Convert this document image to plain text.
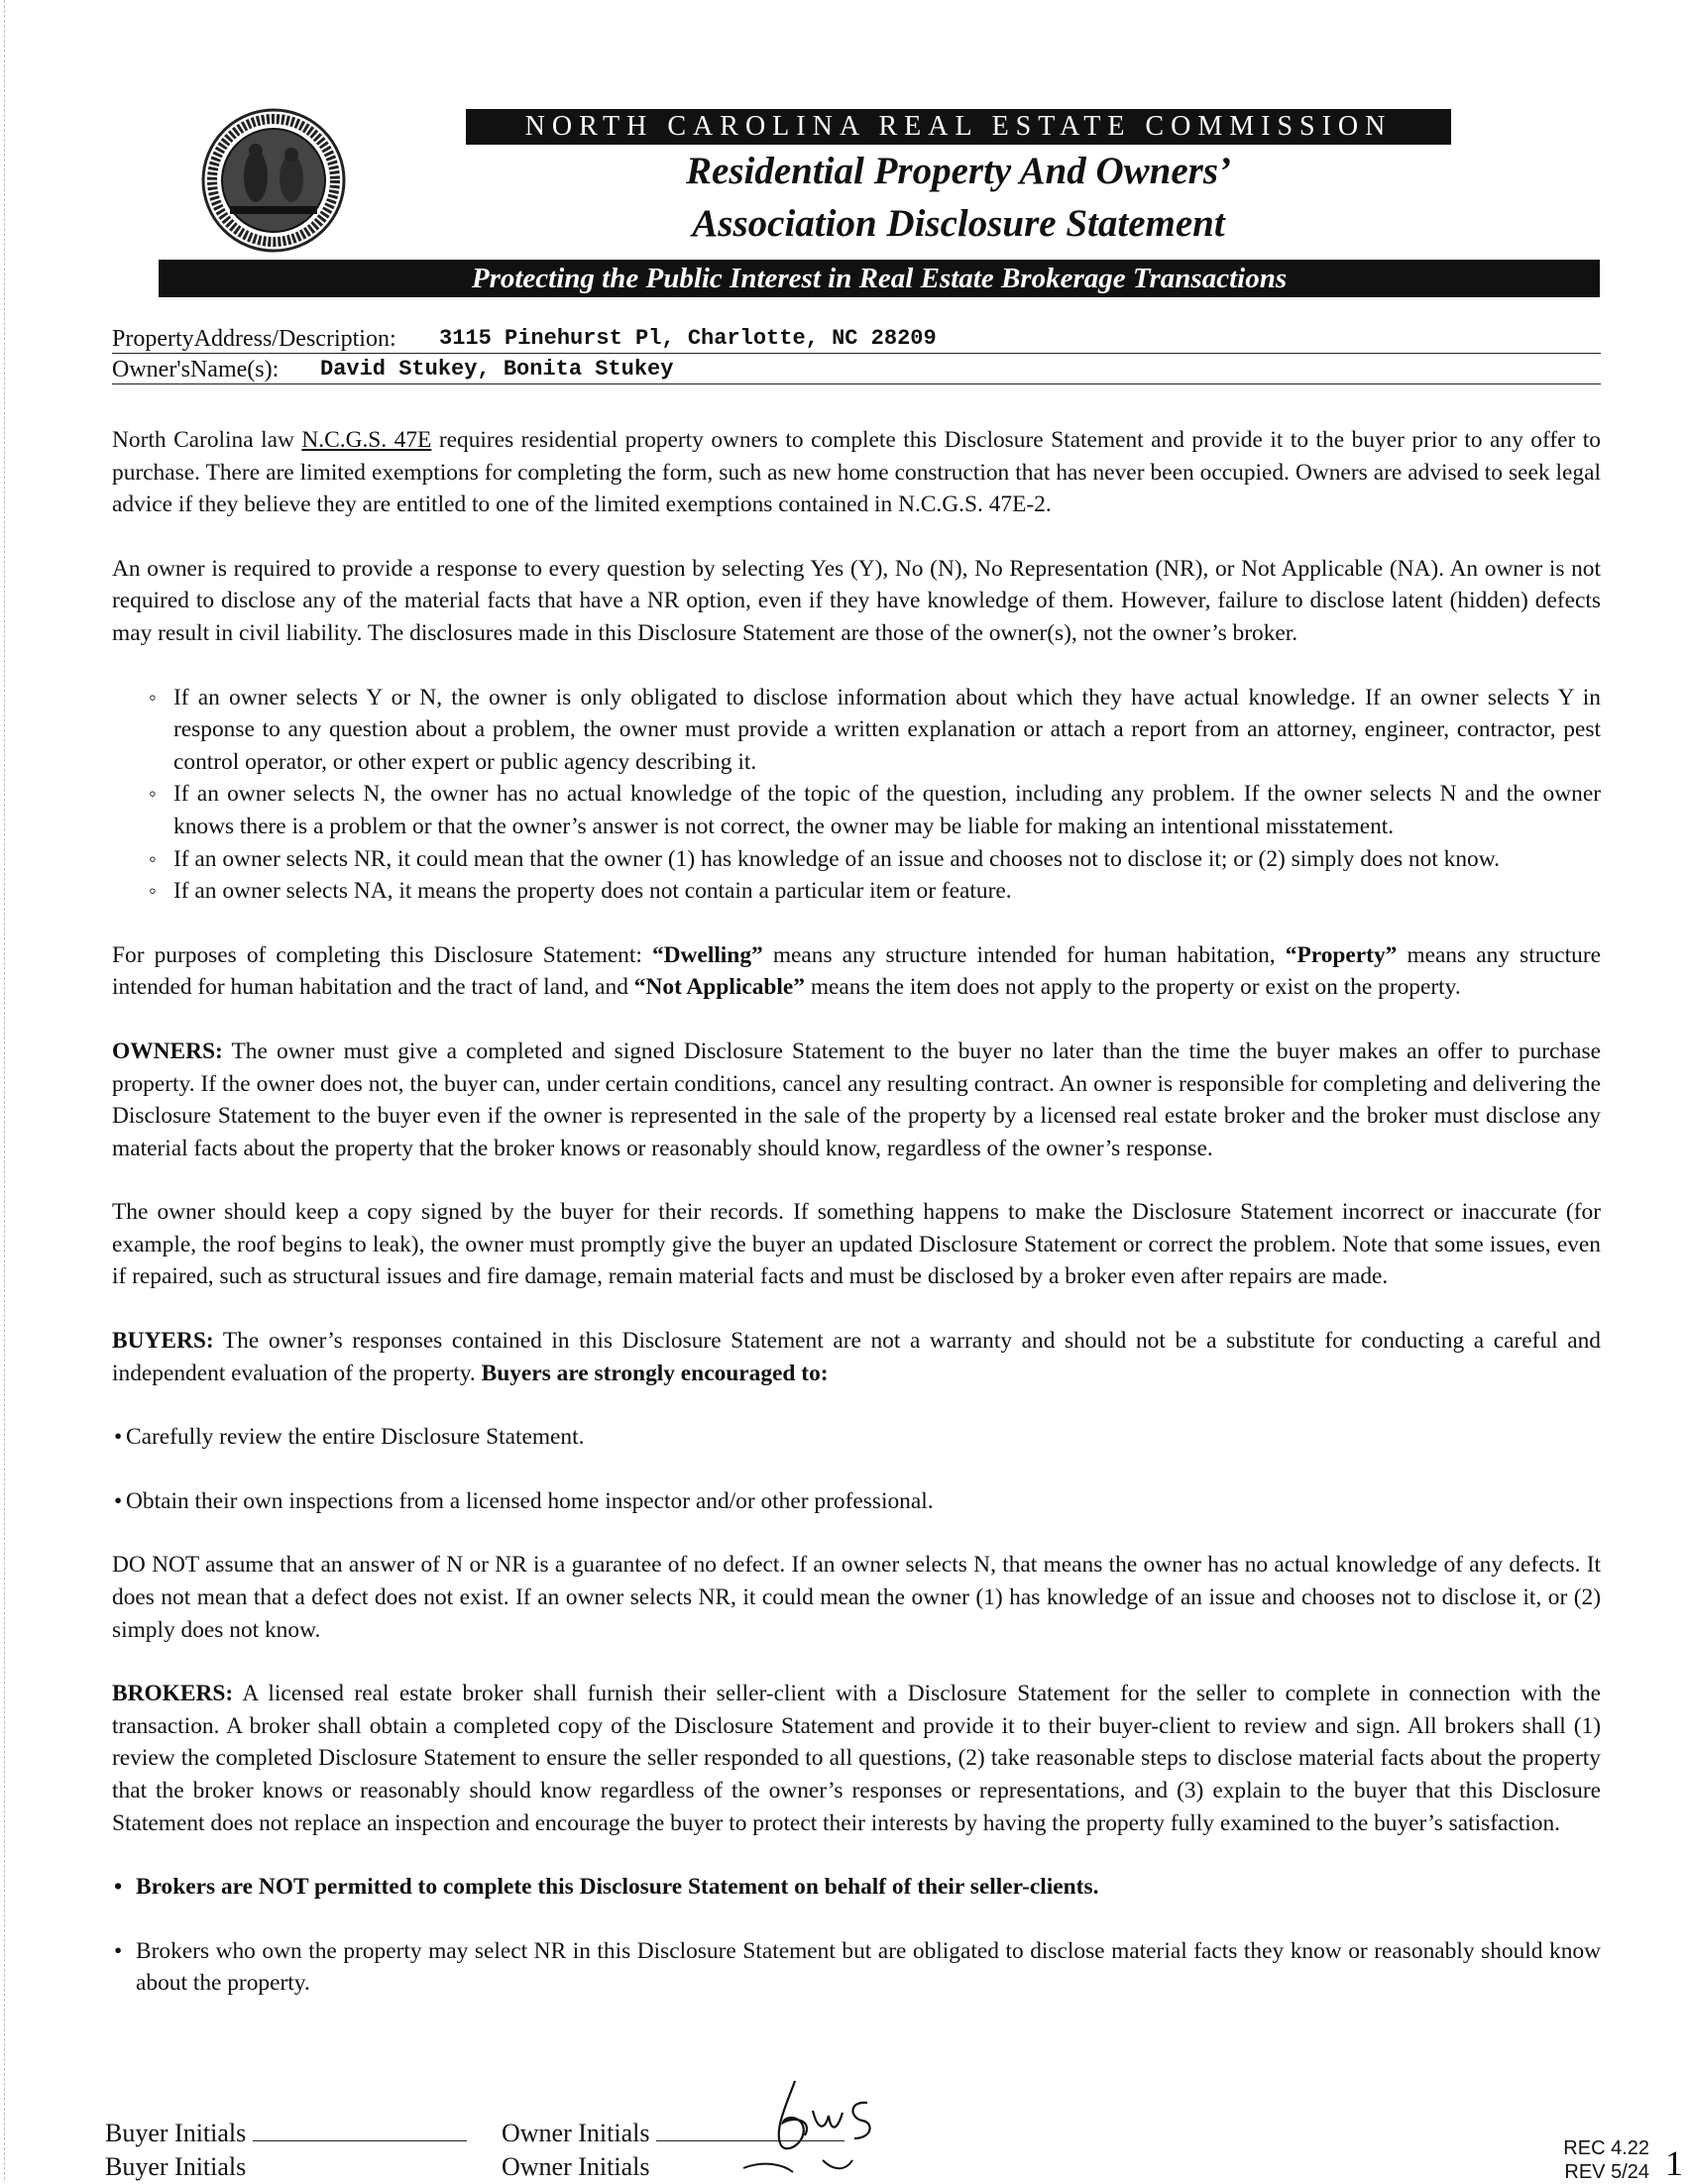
NORTH CAROLINA REAL ESTATE COMMISSION
Residential Property And Owners’
Association Disclosure Statement
Protecting the Public Interest in Real Estate Brokerage Transactions
PropertyAddress/Description: 3115 Pinehurst Pl, Charlotte, NC 28209
Owner'sName(s): David Stukey, Bonita Stukey

North Carolina law N.C.G.S. 47E requires residential property owners to complete this Disclosure Statement and provide it to the buyer prior to any offer to purchase. There are limited exemptions for completing the form, such as new home construction that has never been occupied. Owners are advised to seek legal advice if they believe they are entitled to one of the limited exemptions contained in N.C.G.S. 47E-2.

An owner is required to provide a response to every question by selecting Yes (Y), No (N), No Representation (NR), or Not Applicable (NA). An owner is not required to disclose any of the material facts that have a NR option, even if they have knowledge of them. However, failure to disclose latent (hidden) defects may result in civil liability. The disclosures made in this Disclosure Statement are those of the owner(s), not the owner’s broker.

◦ If an owner selects Y or N, the owner is only obligated to disclose information about which they have actual knowledge. If an owner selects Y in response to any question about a problem, the owner must provide a written explanation or attach a report from an attorney, engineer, contractor, pest control operator, or other expert or public agency describing it.
◦ If an owner selects N, the owner has no actual knowledge of the topic of the question, including any problem. If the owner selects N and the owner knows there is a problem or that the owner’s answer is not correct, the owner may be liable for making an intentional misstatement.
◦ If an owner selects NR, it could mean that the owner (1) has knowledge of an issue and chooses not to disclose it; or (2) simply does not know.
◦ If an owner selects NA, it means the property does not contain a particular item or feature.

For purposes of completing this Disclosure Statement: “Dwelling” means any structure intended for human habitation, “Property” means any structure intended for human habitation and the tract of land, and “Not Applicable” means the item does not apply to the property or exist on the property.

OWNERS: The owner must give a completed and signed Disclosure Statement to the buyer no later than the time the buyer makes an offer to purchase property. If the owner does not, the buyer can, under certain conditions, cancel any resulting contract. An owner is responsible for completing and delivering the Disclosure Statement to the buyer even if the owner is represented in the sale of the property by a licensed real estate broker and the broker must disclose any material facts about the property that the broker knows or reasonably should know, regardless of the owner’s response.

The owner should keep a copy signed by the buyer for their records. If something happens to make the Disclosure Statement incorrect or inaccurate (for example, the roof begins to leak), the owner must promptly give the buyer an updated Disclosure Statement or correct the problem. Note that some issues, even if repaired, such as structural issues and fire damage, remain material facts and must be disclosed by a broker even after repairs are made.

BUYERS: The owner’s responses contained in this Disclosure Statement are not a warranty and should not be a substitute for conducting a careful and independent evaluation of the property. Buyers are strongly encouraged to:

• Carefully review the entire Disclosure Statement.

• Obtain their own inspections from a licensed home inspector and/or other professional.

DO NOT assume that an answer of N or NR is a guarantee of no defect. If an owner selects N, that means the owner has no actual knowledge of any defects. It does not mean that a defect does not exist. If an owner selects NR, it could mean the owner (1) has knowledge of an issue and chooses not to disclose it, or (2) simply does not know.

BROKERS: A licensed real estate broker shall furnish their seller-client with a Disclosure Statement for the seller to complete in connection with the transaction. A broker shall obtain a completed copy of the Disclosure Statement and provide it to their buyer-client to review and sign. All brokers shall (1) review the completed Disclosure Statement to ensure the seller responded to all questions, (2) take reasonable steps to disclose material facts about the property that the broker knows or reasonably should know regardless of the owner’s responses or representations, and (3) explain to the buyer that this Disclosure Statement does not replace an inspection and encourage the buyer to protect their interests by having the property fully examined to the buyer’s satisfaction.

• Brokers are NOT permitted to complete this Disclosure Statement on behalf of their seller-clients.

• Brokers who own the property may select NR in this Disclosure Statement but are obligated to disclose material facts they know or reasonably should know about the property.

Buyer Initials
Buyer Initials
Owner Initials
Owner Initials
REC 4.22
REV 5/24 1
